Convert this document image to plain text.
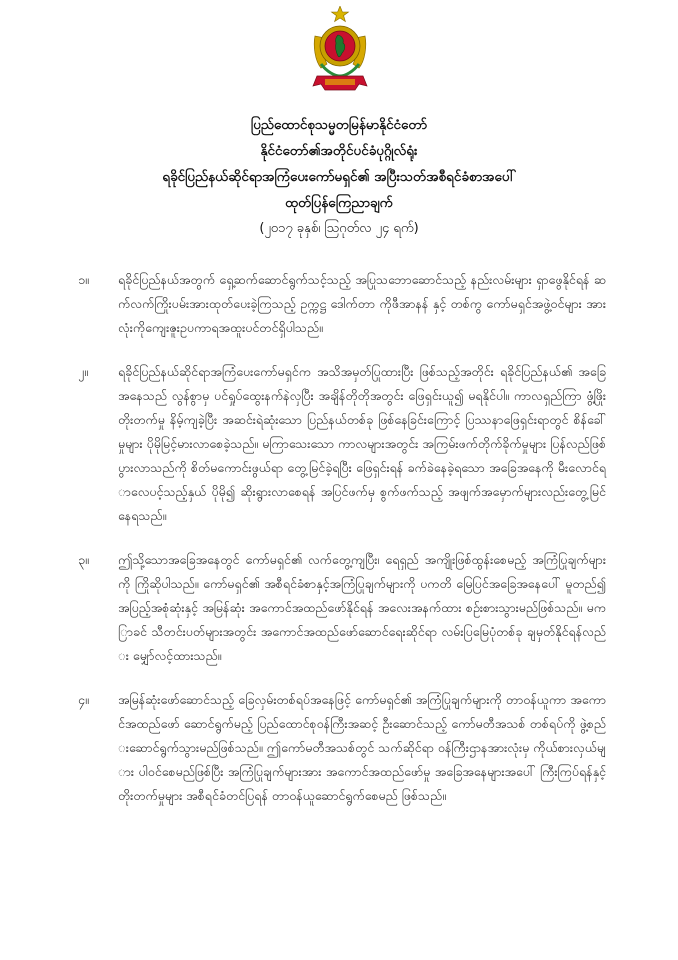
ပြည်ထောင်စုသမ္မတမြန်မာနိုင်ငံတော်
နိုင်ငံတော်၏အတိုင်ပင်ခံပုဂ္ဂိုလ်ရုံး
ရခိုင်ပြည်နယ်ဆိုင်ရာအကြံပေးကော်မရှင်၏ အပြီးသတ်အစီရင်ခံစာအပေါ်
ထုတ်ပြန်ကြေညာချက်
(၂၀၁၇ ခုနှစ်၊ ဩဂုတ်လ ၂၄ ရက်)
၁။	ရခိုင်ပြည်နယ်အတွက် ရှေ့ဆက်ဆောင်ရွက်သင့်သည့် အပြုသဘောဆောင်သည့် နည်းလမ်းများ ရှာဖွေနိုင်ရန် ဆက်လက်ကြိုးပမ်းအားထုတ်ပေးခဲ့ကြသည့် ဥက္ကဋ္ဌ ဒေါက်တာ ကိုဖီအာနန် နှင့် တစ်ကွ ကော်မရှင်အဖွဲ့ဝင်များ အားလုံးကိုကျေးဇူးဥပကာရအထူးပင်တင်ရှိပါသည်။
၂။	ရခိုင်ပြည်နယ်ဆိုင်ရာအကြံပေးကော်မရှင်က အသိအမှတ်ပြုထားပြီး ဖြစ်သည့်အတိုင်း ရခိုင်ပြည်နယ်၏ အခြေအနေသည် လွန်စွာမှ ပင်ရှုပ်ထွေးနက်နဲလှပြီး အချိန်တိုတိုအတွင်း ဖြေရှင်းယူ၍ မရနိုင်ပါ။ ကာလရှည်ကြာ ဖွံ့ဖြိုးတိုးတက်မှု နိမ့်ကျခဲ့ပြီး အဆင်းရဲဆုံးသော ပြည်နယ်တစ်ခု ဖြစ်နေခြင်းကြောင့် ပြဿနာဖြေရှင်းရာတွင် စိန်ခေါ်မှုများ ပိုမိုမြင့်မားလာစေခဲ့သည်။ မကြာသေးသော ကာလများအတွင်း အကြမ်းဖက်တိုက်ခိုက်မှုများ ပြန်လည်ဖြစ်ပွားလာသည်ကို စိတ်မကောင်းဖွယ်ရာ တွေ့မြင်ခဲ့ရပြီး ဖြေရှင်းရန် ခက်ခဲနေခဲ့ရသော အခြေအနေကို မီးလောင်ရာလေပင့်သည့်နှယ် ပိုမို၍ ဆိုးရွားလာစေရန် အပြင်ဖက်မှ စွက်ဖက်သည့် အဖျက်အမှောက်များလည်းတွေ့မြင်နေရသည်။
၃။	ဤသို့သောအခြေအနေတွင် ကော်မရှင်၏ လက်တွေ့ကျပြီး၊ ရေရှည် အကျိုးဖြစ်ထွန်းစေမည့် အကြံပြုချက်များကို ကြိုဆိုပါသည်။ ကော်မရှင်၏ အစီရင်ခံစာနှင့်အကြံပြုချက်များကို ပကတိ မြေပြင်အခြေအနေပေါ် မူတည်၍ အပြည့်အစုံဆုံးနှင့် အမြန်ဆုံး အကောင်အထည်ဖော်နိုင်ရန် အလေးအနက်ထား စဉ်းစားသွားမည်ဖြစ်သည်။ မကြာခင် သီတင်းပတ်များအတွင်း အကောင်အထည်ဖော်ဆောင်ရေးဆိုင်ရာ လမ်းပြမြေပုံတစ်ခု ချမှတ်နိုင်ရန်လည်း မျှော်လင့်ထားသည်။
၄။	အမြန်ဆုံးဖော်ဆောင်သည့် ခြေလှမ်းတစ်ရပ်အနေဖြင့် ကော်မရှင်၏ အကြံပြုချက်များကို တာဝန်ယူကာ အကောင်အထည်ဖော် ဆောင်ရွက်မည့် ပြည်ထောင်စုဝန်ကြီးအဆင့် ဦးဆောင်သည့် ကော်မတီအသစ် တစ်ရပ်ကို ဖွဲ့စည်းဆောင်ရွက်သွားမည်ဖြစ်သည်။ ဤကော်မတီအသစ်တွင် သက်ဆိုင်ရာ ဝန်ကြီးဌာနအားလုံးမှ ကိုယ်စားလှယ်များ ပါဝင်စေမည်ဖြစ်ပြီး အကြံပြုချက်များအား အကောင်အထည်ဖော်မှု အခြေအနေများအပေါ် ကြီးကြပ်ရန်နှင့် တိုးတက်မှုများ အစီရင်ခံတင်ပြရန် တာဝန်ယူဆောင်ရွက်စေမည် ဖြစ်သည်။
